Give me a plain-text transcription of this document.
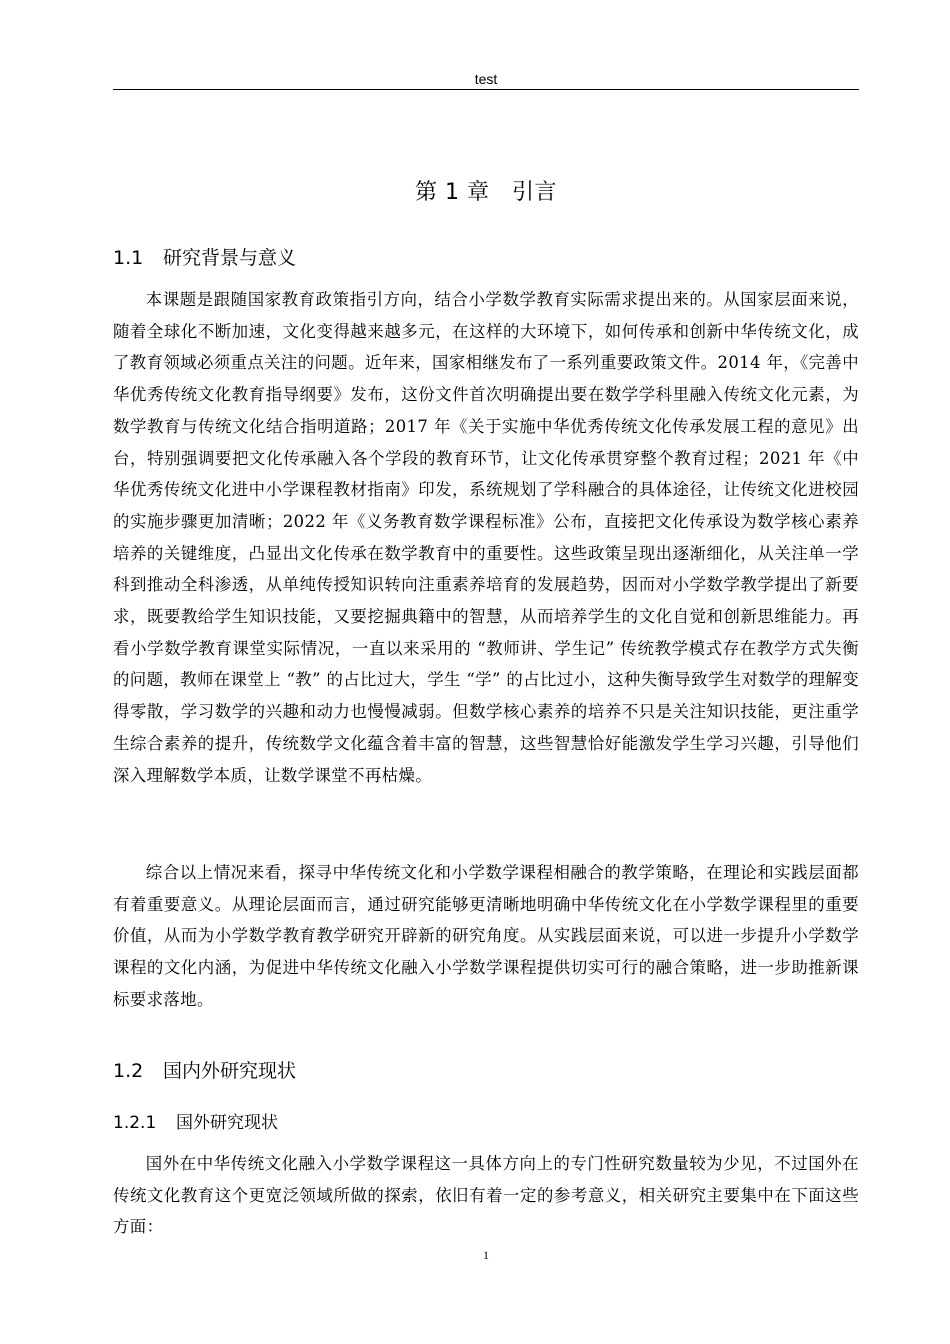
test
第 1 章　引言
1.1 研究背景与意义

本课题是跟随国家教育政策指引方向，结合小学数学教育实际需求提出来的。从国家层面来说，随着全球化不断加速，文化变得越来越多元，在这样的大环境下，如何传承和创新中华传统文化，成了教育领域必须重点关注的问题。近年来，国家相继发布了一系列重要政策文件。2014 年，《完善中华优秀传统文化教育指导纲要》发布，这份文件首次明确提出要在数学学科里融入传统文化元素，为数学教育与传统文化结合指明道路；2017 年《关于实施中华优秀传统文化传承发展工程的意见》出台，特别强调要把文化传承融入各个学段的教育环节，让文化传承贯穿整个教育过程；2021 年《中华优秀传统文化进中小学课程教材指南》印发，系统规划了学科融合的具体途径，让传统文化进校园的实施步骤更加清晰；2022 年《义务教育数学课程标准》公布，直接把文化传承设为数学核心素养培养的关键维度，凸显出文化传承在数学教育中的重要性。这些政策呈现出逐渐细化，从关注单一学科到推动全科渗透，从单纯传授知识转向注重素养培育的发展趋势，因而对小学数学教学提出了新要求，既要教给学生知识技能，又要挖掘典籍中的智慧，从而培养学生的文化自觉和创新思维能力。再看小学数学教育课堂实际情况，一直以来采用的 “教师讲、学生记” 传统教学模式存在教学方式失衡的问题，教师在课堂上 “教” 的占比过大，学生 “学” 的占比过小，这种失衡导致学生对数学的理解变得零散，学习数学的兴趣和动力也慢慢减弱。但数学核心素养的培养不只是关注知识技能，更注重学生综合素养的提升，传统数学文化蕴含着丰富的智慧，这些智慧恰好能激发学生学习兴趣，引导他们深入理解数学本质，让数学课堂不再枯燥。

综合以上情况来看，探寻中华传统文化和小学数学课程相融合的教学策略，在理论和实践层面都有着重要意义。从理论层面而言，通过研究能够更清晰地明确中华传统文化在小学数学课程里的重要价值，从而为小学数学教育教学研究开辟新的研究角度。从实践层面来说，可以进一步提升小学数学课程的文化内涵，为促进中华传统文化融入小学数学课程提供切实可行的融合策略，进一步助推新课标要求落地。

1.2 国内外研究现状
1.2.1 国外研究现状

国外在中华传统文化融入小学数学课程这一具体方向上的专门性研究数量较为少见，不过国外在传统文化教育这个更宽泛领域所做的探索，依旧有着一定的参考意义，相关研究主要集中在下面这些方面：

1
